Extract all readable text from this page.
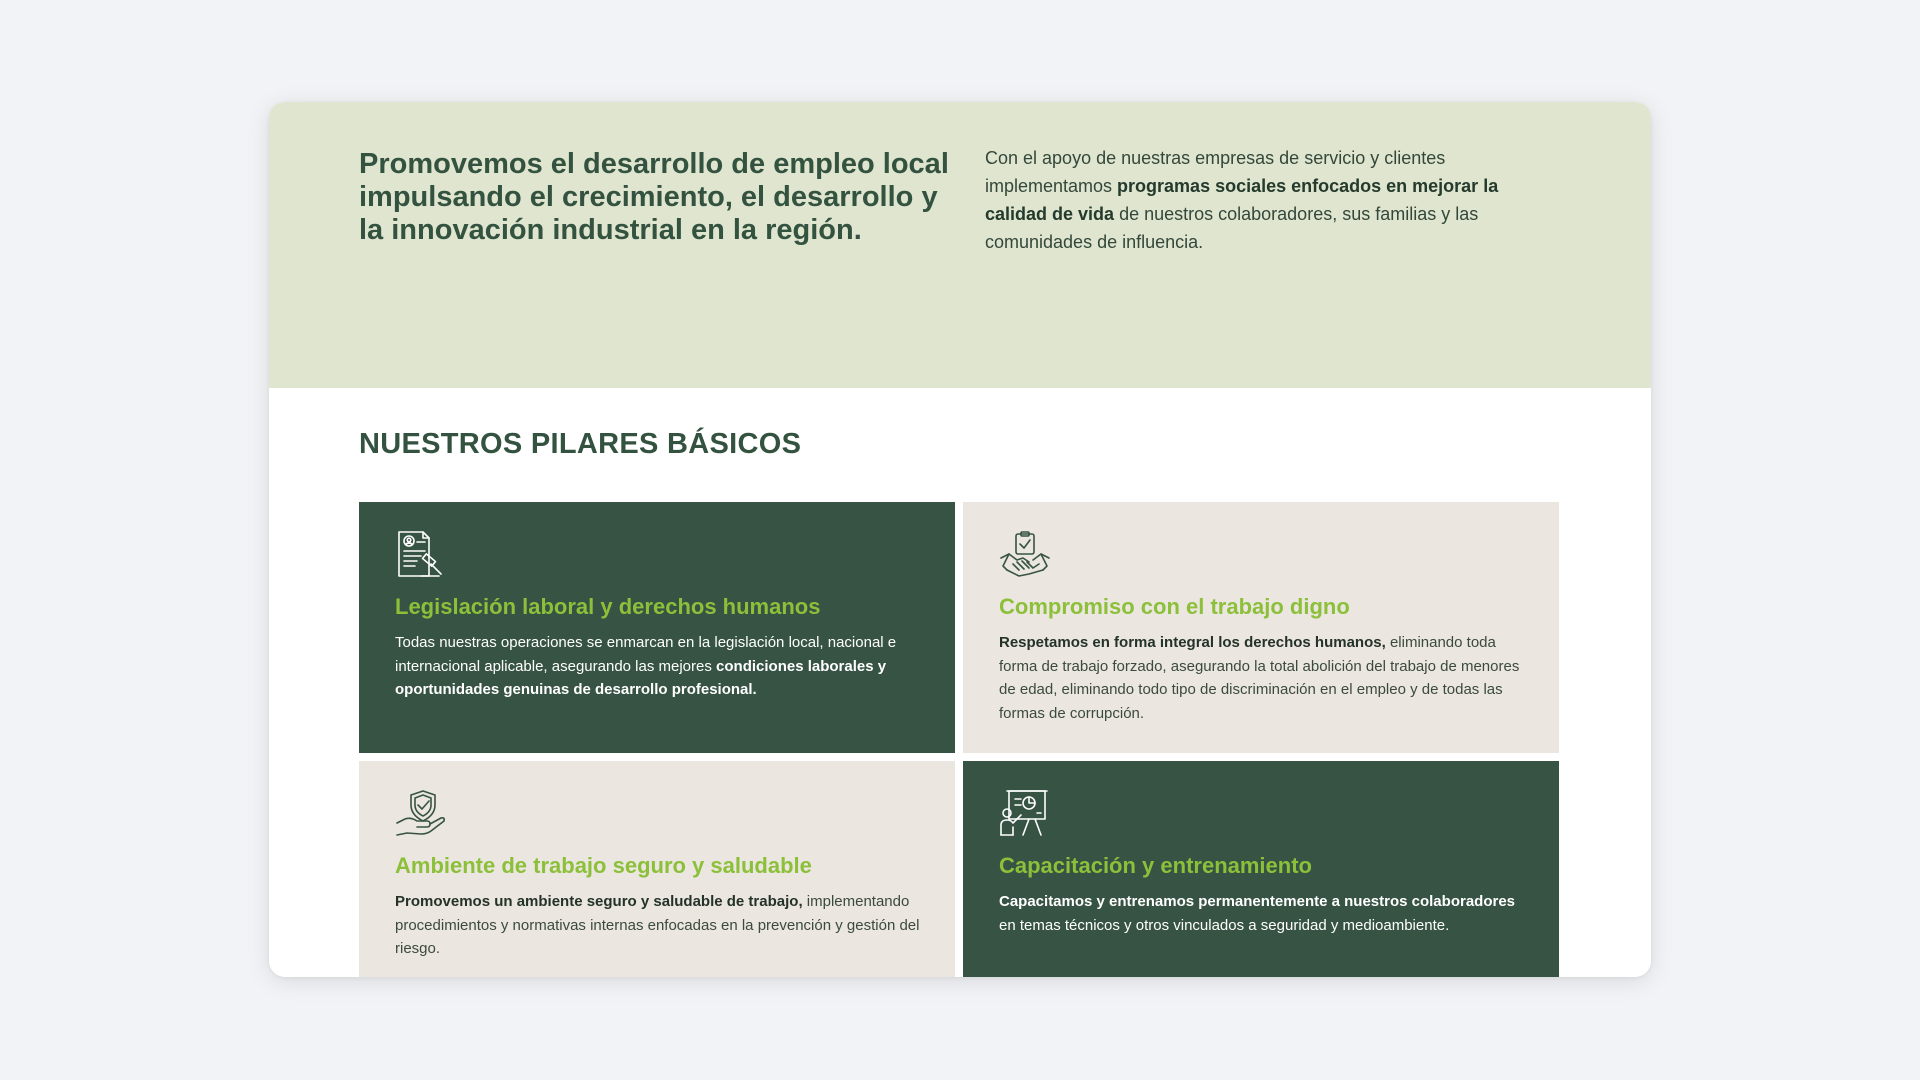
Promovemos el desarrollo de empleo local impulsando el crecimiento, el desarrollo y la innovación industrial en la región.

Con el apoyo de nuestras empresas de servicio y clientes implementamos programas sociales enfocados en mejorar la calidad de vida de nuestros colaboradores, sus familias y las comunidades de influencia.

NUESTROS PILARES BÁSICOS
Legislación laboral y derechos humanos

Todas nuestras operaciones se enmarcan en la legislación local, nacional e internacional aplicable, asegurando las mejores condiciones laborales y oportunidades genuinas de desarrollo profesional.

Compromiso con el trabajo digno

Respetamos en forma integral los derechos humanos, eliminando toda forma de trabajo forzado, asegurando la total abolición del trabajo de menores de edad, eliminando todo tipo de discriminación en el empleo y de todas las formas de corrupción.

Ambiente de trabajo seguro y saludable

Promovemos un ambiente seguro y saludable de trabajo, implementando procedimientos y normativas internas enfocadas en la prevención y gestión del riesgo.

Capacitación y entrenamiento

Capacitamos y entrenamos permanentemente a nuestros colaboradores en temas técnicos y otros vinculados a seguridad y medioambiente.
